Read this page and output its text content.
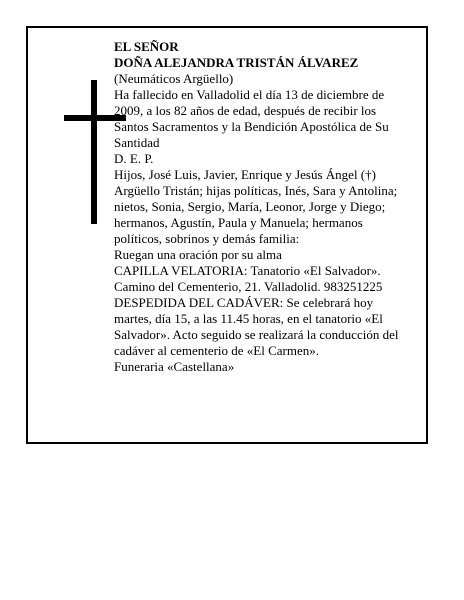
EL SEÑOR

DOÑA ALEJANDRA TRISTÁN ÁLVAREZ

(Neumáticos Argüello)

Ha fallecido en Valladolid el día 13 de diciembre de 2009, a los 82 años de edad, después de recibir los Santos Sacramentos y la Bendición Apostólica de Su Santidad

D. E. P.

Hijos, José Luis, Javier, Enrique y Jesús Ángel (†) Argüello Tristán; hijas políticas, Inés, Sara y Antolina; nietos, Sonia, Sergio, María, Leonor, Jorge y Diego; hermanos, Agustín, Paula y Manuela; hermanos políticos, sobrinos y demás familia:

Ruegan una oración por su alma

CAPILLA VELATORIA: Tanatorio «El Salvador».

Camino del Cementerio, 21. Valladolid. 983251225

DESPEDIDA DEL CADÁVER: Se celebrará hoy martes, día 15, a las 11.45 horas, en el tanatorio «El Salvador». Acto seguido se realizará la conducción del cadáver al cementerio de «El Carmen».

Funeraria «Castellana»
